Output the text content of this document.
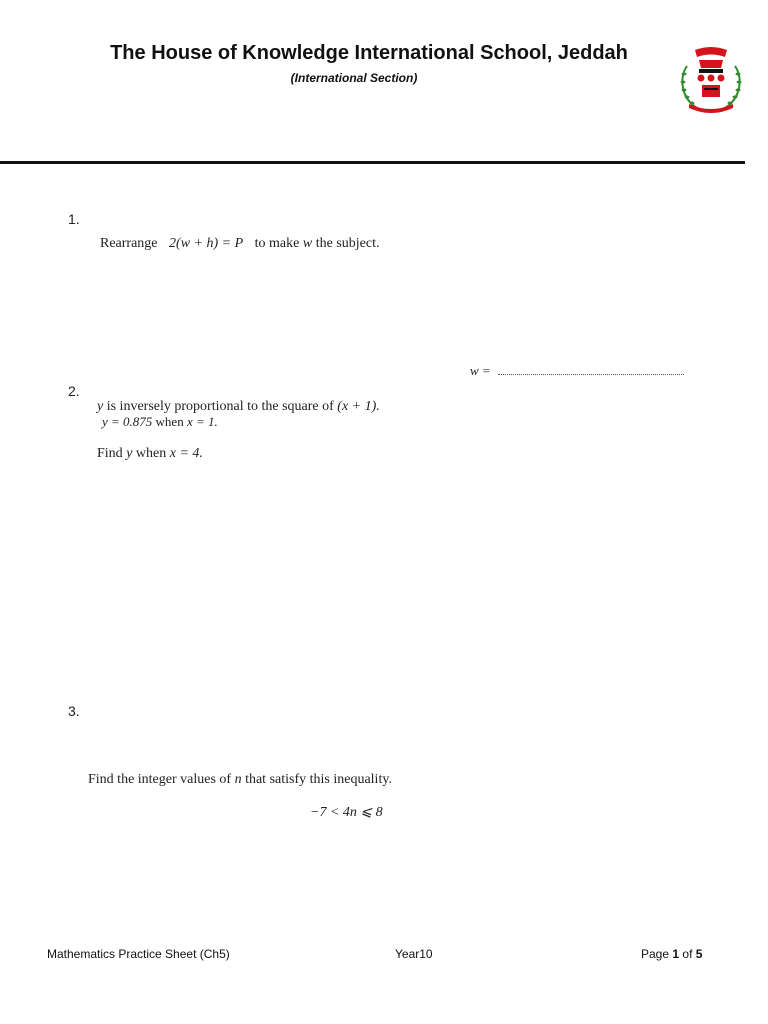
The House of Knowledge International School, Jeddah
(International Section)
1.
Rearrange 2(w + h) = P to make w the subject.
w =
2.
y is inversely proportional to the square of (x + 1).
y = 0.875 when x = 1.
Find y when x = 4.
3.
Find the integer values of n that satisfy this inequality.
−7 < 4n ⩽ 8
Mathematics Practice Sheet (Ch5)	Year10	Page 1 of 5
